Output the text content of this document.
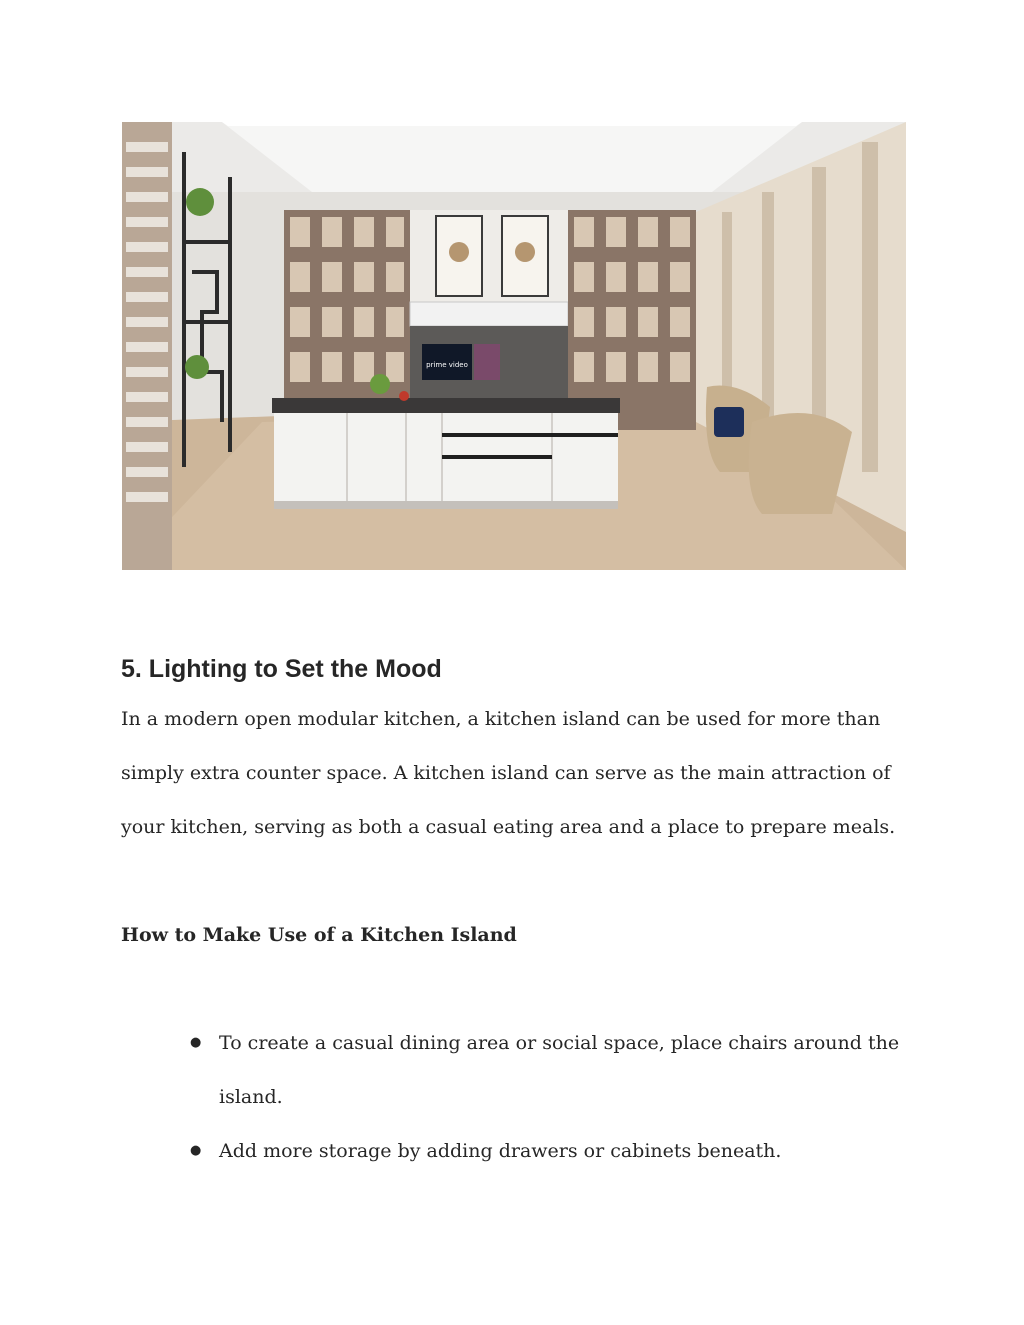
prime video
5. Lighting to Set the Mood

In a modern open modular kitchen, a kitchen island can be used for more than simply extra counter space. A kitchen island can serve as the main attraction of your kitchen, serving as both a casual eating area and a place to prepare meals.

How to Make Use of a Kitchen Island
● To create a casual dining area or social space, place chairs around the island.
● Add more storage by adding drawers or cabinets beneath.
